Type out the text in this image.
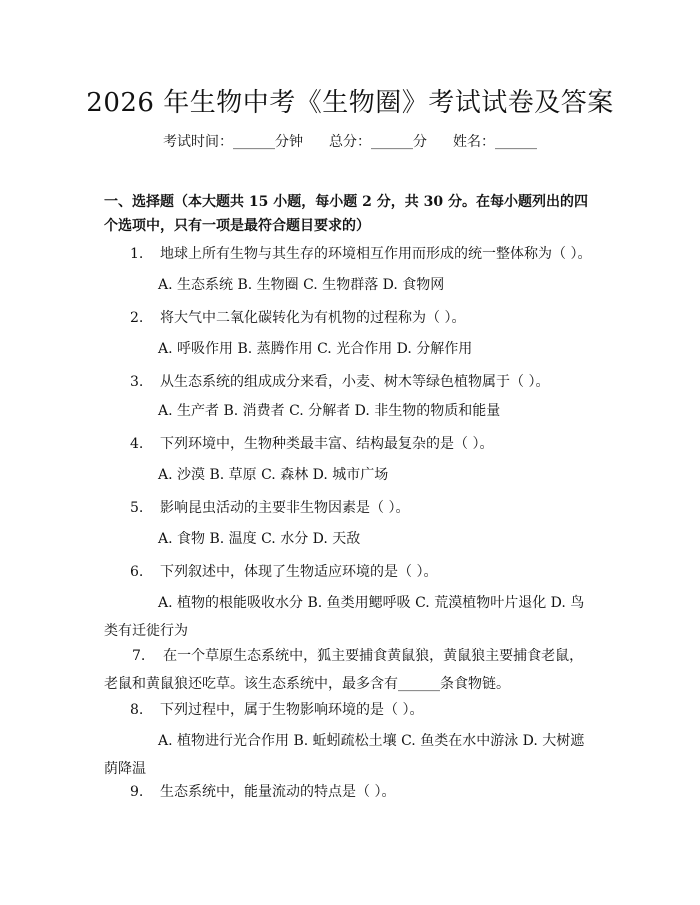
2026 年生物中考《生物圈》考试试卷及答案
考试时间：______分钟 总分：______分 姓名：______
一、选择题（本大题共 15 小题，每小题 2 分，共 30 分。在每小题列出的四个选项中，只有一项是最符合题目要求的）
1. 地球上所有生物与其生存的环境相互作用而形成的统一整体称为（ ）。
A. 生态系统 B. 生物圈 C. 生物群落 D. 食物网
2. 将大气中二氧化碳转化为有机物的过程称为（ ）。
A. 呼吸作用 B. 蒸腾作用 C. 光合作用 D. 分解作用
3. 从生态系统的组成成分来看，小麦、树木等绿色植物属于（ ）。
A. 生产者 B. 消费者 C. 分解者 D. 非生物的物质和能量
4. 下列环境中，生物种类最丰富、结构最复杂的是（ ）。
A. 沙漠 B. 草原 C. 森林 D. 城市广场
5. 影响昆虫活动的主要非生物因素是（ ）。
A. 食物 B. 温度 C. 水分 D. 天敌
6. 下列叙述中，体现了生物适应环境的是（ ）。
A. 植物的根能吸收水分 B. 鱼类用鳃呼吸 C. 荒漠植物叶片退化 D. 鸟类有迁徙行为
7. 在一个草原生态系统中，狐主要捕食黄鼠狼，黄鼠狼主要捕食老鼠，老鼠和黄鼠狼还吃草。该生态系统中，最多含有______条食物链。
8. 下列过程中，属于生物影响环境的是（ ）。
A. 植物进行光合作用 B. 蚯蚓疏松土壤 C. 鱼类在水中游泳 D. 大树遮荫降温
9. 生态系统中，能量流动的特点是（ ）。
